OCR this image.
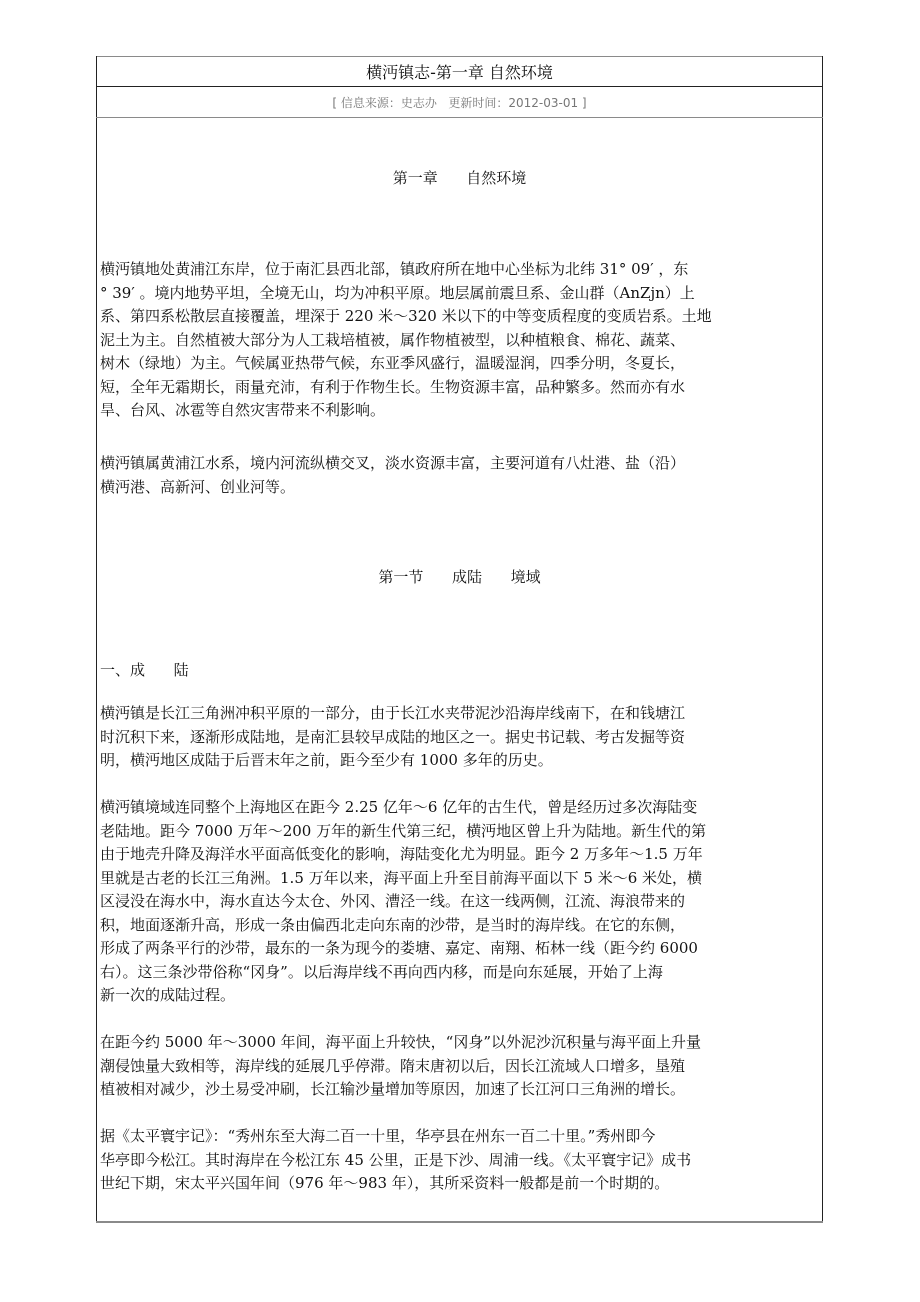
横沔镇志-第一章 自然环境
[ 信息来源：史志办   更新时间：2012-03-01 ]
第一章      自然环境
横沔镇地处黄浦江东岸，位于南汇县西北部，镇政府所在地中心坐标为北纬 31° 09′ ，东
° 39′ 。境内地势平坦，全境无山，均为冲积平原。地层属前震旦系、金山群（AnZjn）上
系、第四系松散层直接覆盖，埋深于 220 米～320 米以下的中等变质程度的变质岩系。土地
泥土为主。自然植被大部分为人工栽培植被，属作物植被型，以种植粮食、棉花、蔬菜、
树木（绿地）为主。气候属亚热带气候，东亚季风盛行，温暖湿润，四季分明，冬夏长，
短，全年无霜期长，雨量充沛，有利于作物生长。生物资源丰富，品种繁多。然而亦有水
旱、台风、冰雹等自然灾害带来不利影响。
横沔镇属黄浦江水系，境内河流纵横交叉，淡水资源丰富，主要河道有八灶港、盐（沿）
横沔港、高新河、创业河等。
第一节      成陆      境域
一、成      陆
横沔镇是长江三角洲冲积平原的一部分，由于长江水夹带泥沙沿海岸线南下，在和钱塘江
时沉积下来，逐渐形成陆地，是南汇县较早成陆的地区之一。据史书记载、考古发掘等资
明，横沔地区成陆于后晋末年之前，距今至少有 1000 多年的历史。
横沔镇境域连同整个上海地区在距今 2.25 亿年～6 亿年的古生代，曾是经历过多次海陆变
老陆地。距今 7000 万年～200 万年的新生代第三纪，横沔地区曾上升为陆地。新生代的第
由于地壳升降及海洋水平面高低变化的影响，海陆变化尤为明显。距今 2 万多年～1.5 万年
里就是古老的长江三角洲。1.5 万年以来，海平面上升至目前海平面以下 5 米～6 米处，横
区浸没在海水中，海水直达今太仓、外冈、漕泾一线。在这一线两侧，江流、海浪带来的
积，地面逐渐升高，形成一条由偏西北走向东南的沙带，是当时的海岸线。在它的东侧，
形成了两条平行的沙带，最东的一条为现今的娄塘、嘉定、南翔、柘林一线（距今约 6000
右）。这三条沙带俗称“冈身”。以后海岸线不再向西内移，而是向东延展，开始了上海
新一次的成陆过程。
在距今约 5000 年～3000 年间，海平面上升较快，“冈身”以外泥沙沉积量与海平面上升量
潮侵蚀量大致相等，海岸线的延展几乎停滞。隋末唐初以后，因长江流域人口增多，垦殖
植被相对减少，沙土易受冲刷，长江输沙量增加等原因，加速了长江河口三角洲的增长。
据《太平寰宇记》：“秀州东至大海二百一十里，华亭县在州东一百二十里。”秀州即今
华亭即今松江。其时海岸在今松江东 45 公里，正是下沙、周浦一线。《太平寰宇记》成书
世纪下期，宋太平兴国年间（976 年～983 年），其所采资料一般都是前一个时期的。
